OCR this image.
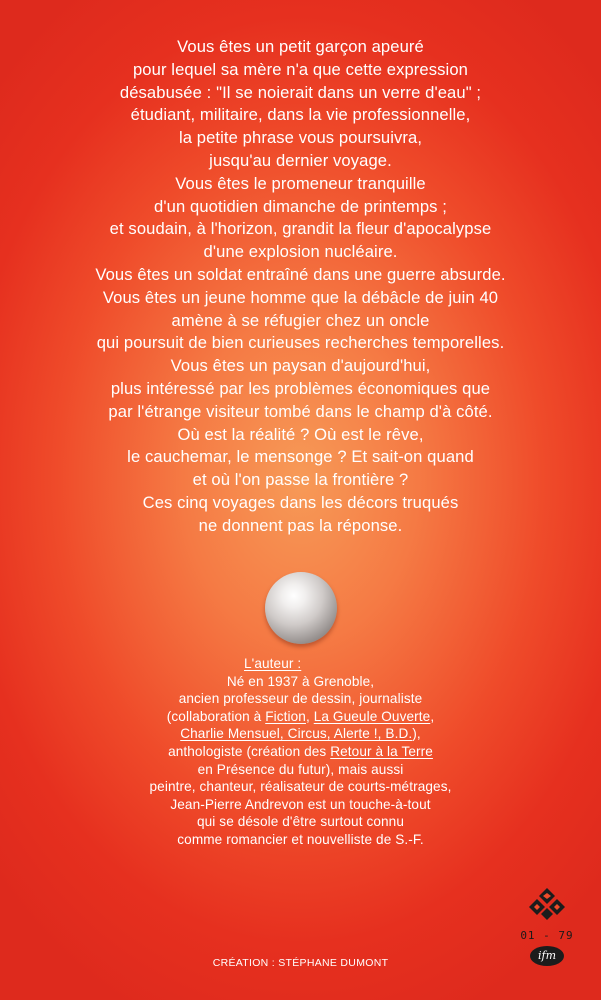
Vous êtes un petit garçon apeuré
pour lequel sa mère n'a que cette expression
désabusée : "Il se noierait dans un verre d'eau" ;
étudiant, militaire, dans la vie professionnelle,
la petite phrase vous poursuivra,
jusqu'au dernier voyage.
Vous êtes le promeneur tranquille
d'un quotidien dimanche de printemps ;
et soudain, à l'horizon, grandit la fleur d'apocalypse
d'une explosion nucléaire.
Vous êtes un soldat entraîné dans une guerre absurde.
Vous êtes un jeune homme que la débâcle de juin 40
amène à se réfugier chez un oncle
qui poursuit de bien curieuses recherches temporelles.
Vous êtes un paysan d'aujourd'hui,
plus intéressé par les problèmes économiques que
par l'étrange visiteur tombé dans le champ d'à côté.
Où est la réalité ? Où est le rêve,
le cauchemar, le mensonge ? Et sait-on quand
et où l'on passe la frontière ?
Ces cinq voyages dans les décors truqués
ne donnent pas la réponse.
L'auteur :
Né en 1937 à Grenoble,
ancien professeur de dessin, journaliste
(collaboration à Fiction, La Gueule Ouverte,
Charlie Mensuel, Circus, Alerte !, B.D.),
anthologiste (création des Retour à la Terre
en Présence du futur), mais aussi
peintre, chanteur, réalisateur de courts-métrages,
Jean-Pierre Andrevon est un touche-à-tout
qui se désole d'être surtout connu
comme romancier et nouvelliste de S.-F.
CRÉATION : STÉPHANE DUMONT
01 - 79
ifm
